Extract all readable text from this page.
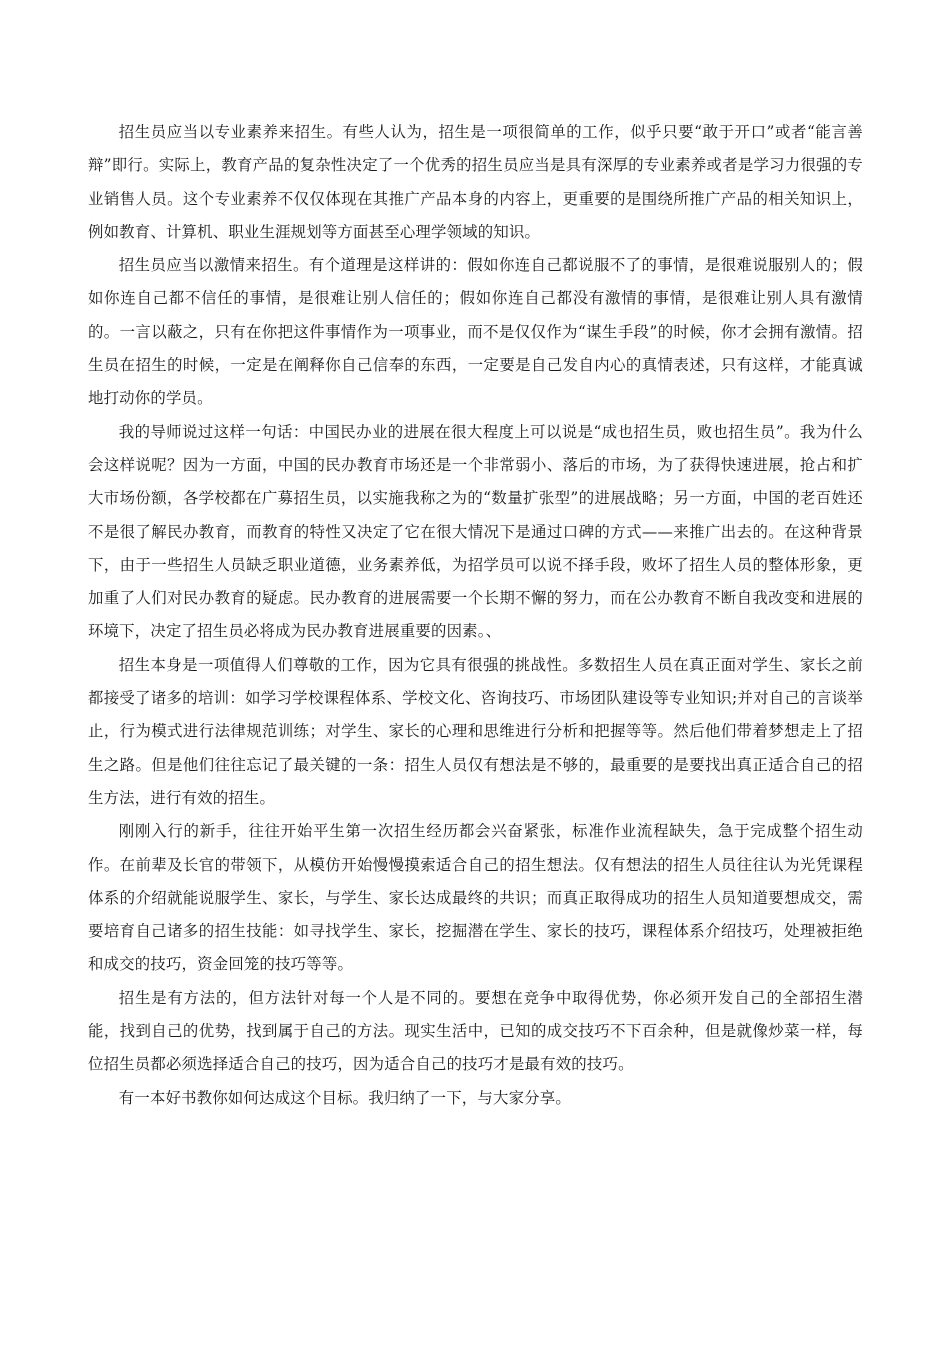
招生员应当以专业素养来招生。有些人认为，招生是一项很简单的工作，似乎只要“敢于开口”或者“能言善辩”即行。实际上，教育产品的复杂性决定了一个优秀的招生员应当是具有深厚的专业素养或者是学习力很强的专业销售人员。这个专业素养不仅仅体现在其推广产品本身的内容上，更重要的是围绕所推广产品的相关知识上，例如教育、计算机、职业生涯规划等方面甚至心理学领域的知识。

招生员应当以激情来招生。有个道理是这样讲的：假如你连自己都说服不了的事情，是很难说服别人的；假如你连自己都不信任的事情，是很难让别人信任的；假如你连自己都没有激情的事情，是很难让别人具有激情的。一言以蔽之，只有在你把这件事情作为一项事业，而不是仅仅作为“谋生手段”的时候，你才会拥有激情。招生员在招生的时候，一定是在阐释你自己信奉的东西，一定要是自己发自内心的真情表述，只有这样，才能真诚地打动你的学员。

我的导师说过这样一句话：中国民办业的进展在很大程度上可以说是“成也招生员，败也招生员”。我为什么会这样说呢？因为一方面，中国的民办教育市场还是一个非常弱小、落后的市场，为了获得快速进展，抢占和扩大市场份额，各学校都在广募招生员，以实施我称之为的“数量扩张型”的进展战略；另一方面，中国的老百姓还不是很了解民办教育，而教育的特性又决定了它在很大情况下是通过口碑的方式——来推广出去的。在这种背景下，由于一些招生人员缺乏职业道德，业务素养低，为招学员可以说不择手段，败坏了招生人员的整体形象，更加重了人们对民办教育的疑虑。民办教育的进展需要一个长期不懈的努力，而在公办教育不断自我改变和进展的环境下，决定了招生员必将成为民办教育进展重要的因素。、

招生本身是一项值得人们尊敬的工作，因为它具有很强的挑战性。多数招生人员在真正面对学生、家长之前都接受了诸多的培训：如学习学校课程体系、学校文化、咨询技巧、市场团队建设等专业知识;并对自己的言谈举止，行为模式进行法律规范训练；对学生、家长的心理和思维进行分析和把握等等。然后他们带着梦想走上了招生之路。但是他们往往忘记了最关键的一条：招生人员仅有想法是不够的，最重要的是要找出真正适合自己的招生方法，进行有效的招生。

刚刚入行的新手，往往开始平生第一次招生经历都会兴奋紧张，标准作业流程缺失，急于完成整个招生动作。在前辈及长官的带领下，从模仿开始慢慢摸索适合自己的招生想法。仅有想法的招生人员往往认为光凭课程体系的介绍就能说服学生、家长，与学生、家长达成最终的共识；而真正取得成功的招生人员知道要想成交，需要培育自己诸多的招生技能：如寻找学生、家长，挖掘潜在学生、家长的技巧，课程体系介绍技巧，处理被拒绝和成交的技巧，资金回笼的技巧等等。

招生是有方法的，但方法针对每一个人是不同的。要想在竞争中取得优势，你必须开发自己的全部招生潜能，找到自己的优势，找到属于自己的方法。现实生活中，已知的成交技巧不下百余种，但是就像炒菜一样，每位招生员都必须选择适合自己的技巧，因为适合自己的技巧才是最有效的技巧。

有一本好书教你如何达成这个目标。我归纳了一下，与大家分享。
